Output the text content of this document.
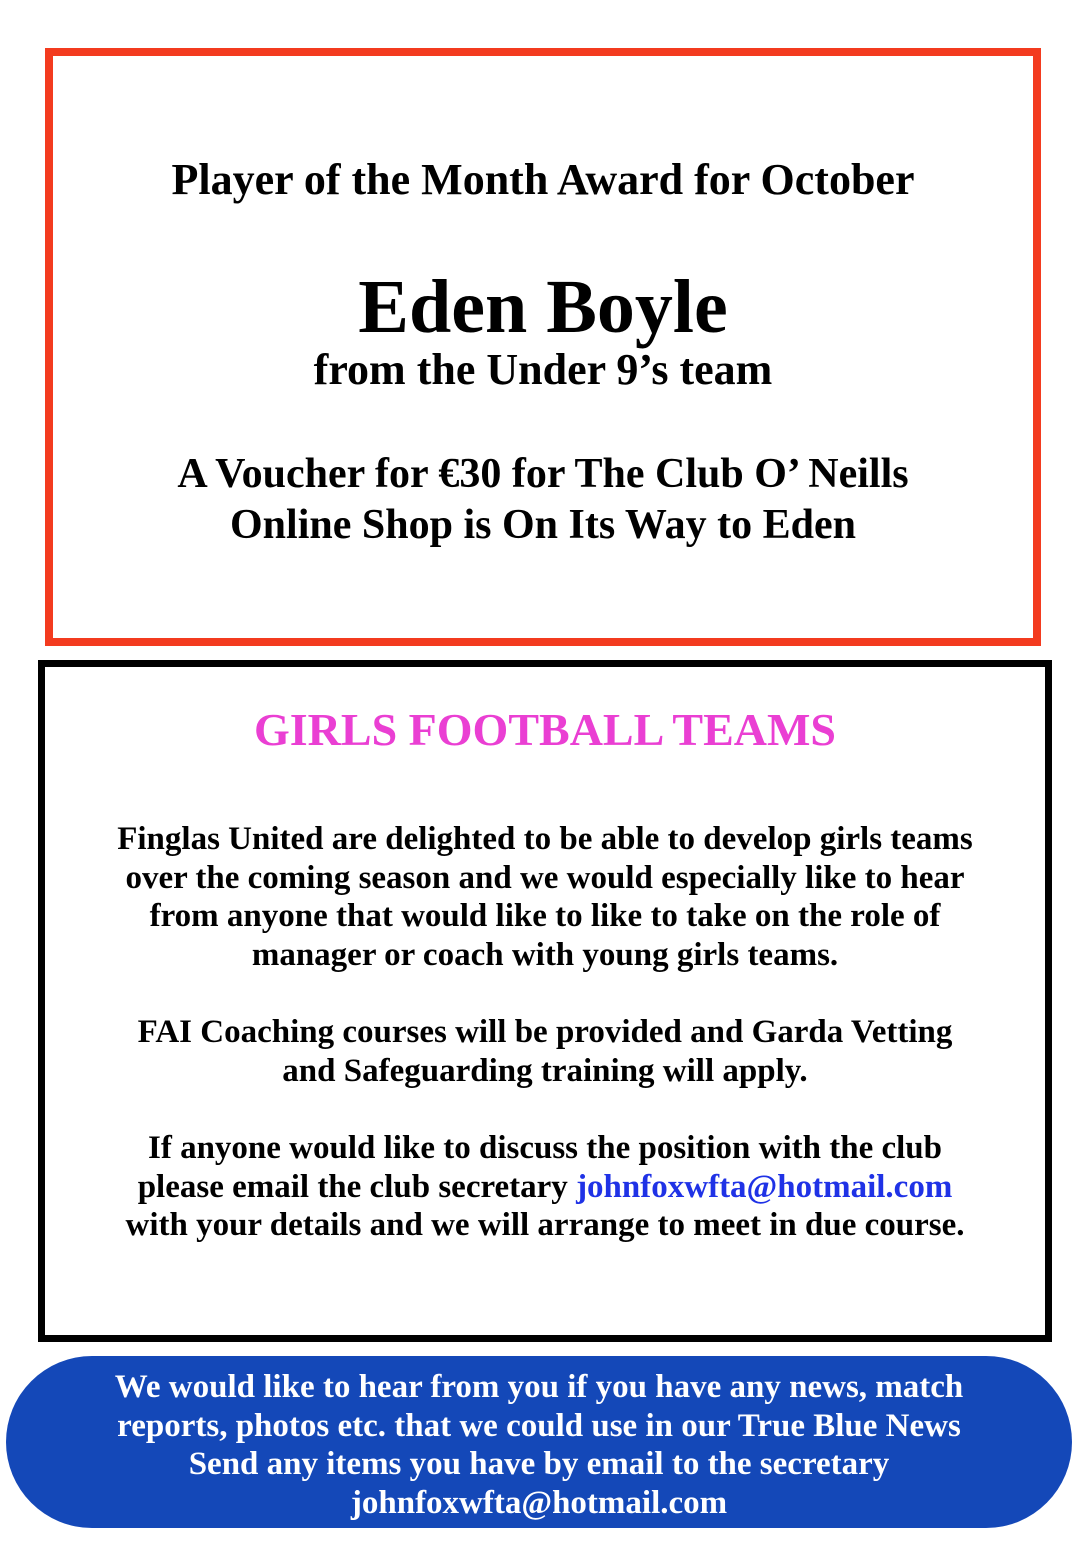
Player of the Month Award for October

Eden Boyle

from the Under 9’s team

A Voucher for €30 for The Club O’ Neills
Online Shop is On Its Way to Eden

GIRLS FOOTBALL TEAMS

Finglas United are delighted to be able to develop girls teams
over the coming season and we would especially like to hear
from anyone that would like to like to take on the role of
manager or coach with young girls teams.

FAI Coaching courses will be provided and Garda Vetting
and Safeguarding training will apply.

If anyone would like to discuss the position with the club
please email the club secretary johnfoxwfta@hotmail.com
with your details and we will arrange to meet in due course.

We would like to hear from you if you have any news, match
reports, photos etc. that we could use in our True Blue News
Send any items you have by email to the secretary
johnfoxwfta@hotmail.com
